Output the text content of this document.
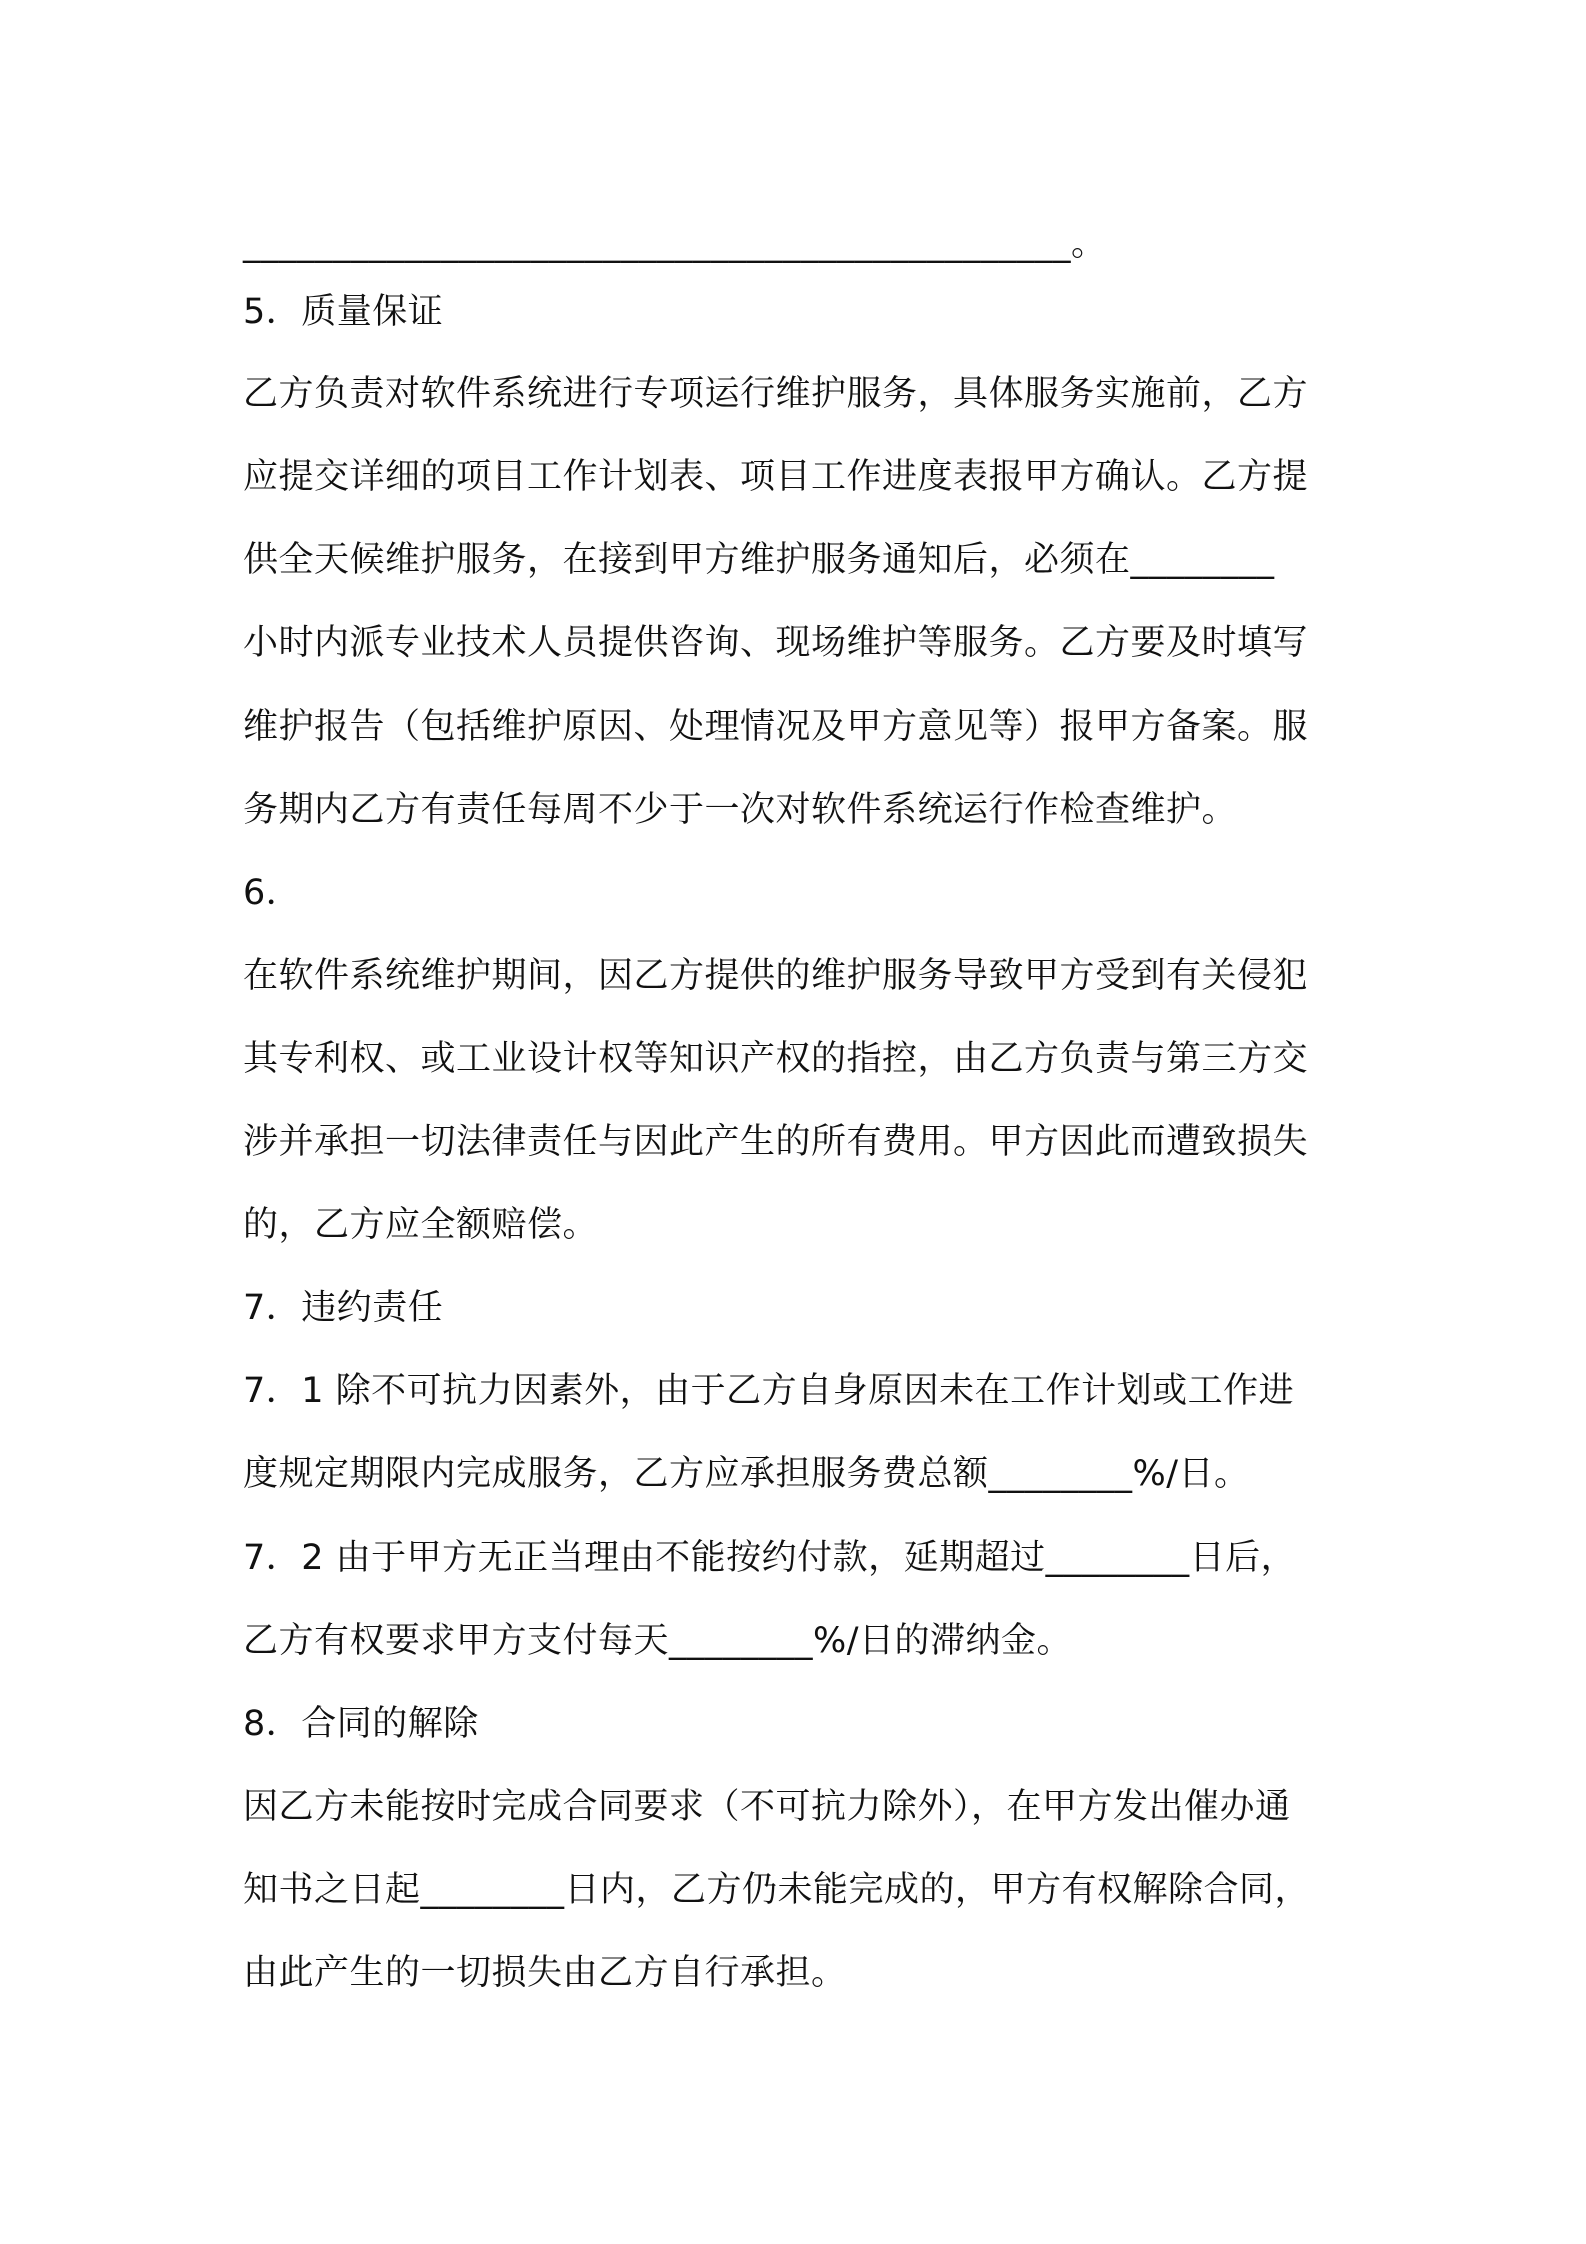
______________________________________________。
5．质量保证
乙方负责对软件系统进行专项运行维护服务，具体服务实施前，乙方
应提交详细的项目工作计划表、项目工作进度表报甲方确认。乙方提
供全天候维护服务，在接到甲方维护服务通知后，必须在________
小时内派专业技术人员提供咨询、现场维护等服务。乙方要及时填写
维护报告（包括维护原因、处理情况及甲方意见等）报甲方备案。服
务期内乙方有责任每周不少于一次对软件系统运行作检查维护。
6．
在软件系统维护期间，因乙方提供的维护服务导致甲方受到有关侵犯
其专利权、或工业设计权等知识产权的指控，由乙方负责与第三方交
涉并承担一切法律责任与因此产生的所有费用。甲方因此而遭致损失
的，乙方应全额赔偿。
7．违约责任
7．1 除不可抗力因素外，由于乙方自身原因未在工作计划或工作进
度规定期限内完成服务，乙方应承担服务费总额________%/日。
7．2 由于甲方无正当理由不能按约付款，延期超过________日后，
乙方有权要求甲方支付每天________%/日的滞纳金。
8．合同的解除
因乙方未能按时完成合同要求（不可抗力除外），在甲方发出催办通
知书之日起________日内，乙方仍未能完成的，甲方有权解除合同，
由此产生的一切损失由乙方自行承担。
